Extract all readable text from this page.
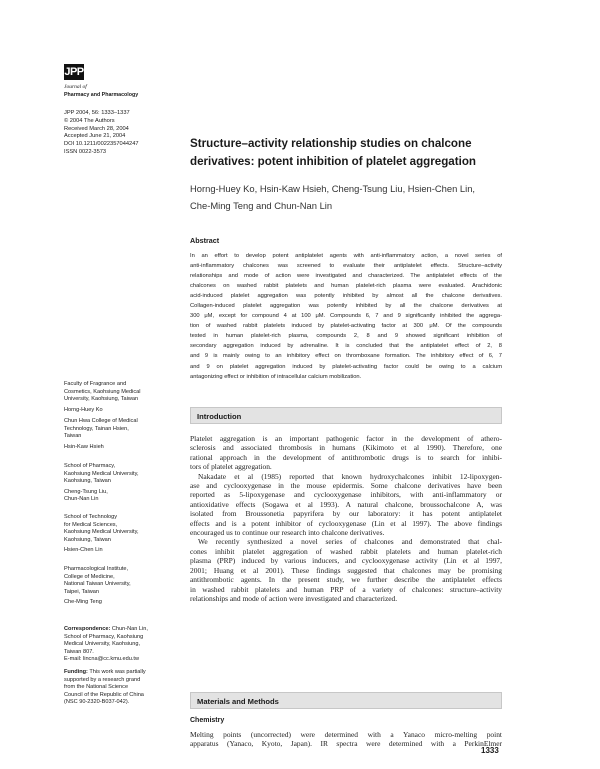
JPP
Journal of
Pharmacy and Pharmacology
JPP 2004, 56: 1333–1337
© 2004 The Authors
Received March 28, 2004
Accepted June 21, 2004
DOI 10.1211/0022357044247
ISSN 0022-3573
Structure–activity relationship studies on chalcone
derivatives: potent inhibition of platelet aggregation
Horng-Huey Ko, Hsin-Kaw Hsieh, Cheng-Tsung Liu, Hsien-Chen Lin,
Che-Ming Teng and Chun-Nan Lin
Abstract
In an effort to develop potent antiplatelet agents with anti-inflammatory action, a novel series of
anti-inflammatory chalcones was screened to evaluate their antiplatelet effects. Structure–activity
relationships and mode of action were investigated and characterized. The antiplatelet effects of the
chalcones on washed rabbit platelets and human platelet-rich plasma were evaluated. Arachidonic
acid-induced platelet aggregation was potently inhibited by almost all the chalcone derivatives.
Collagen-induced platelet aggregation was potently inhibited by all the chalcone derivatives at
300 μM, except for compound 4 at 100 μM. Compounds 6, 7 and 9 significantly inhibited the aggrega-
tion of washed rabbit platelets induced by platelet-activating factor at 300 μM. Of the compounds
tested in human platelet-rich plasma, compounds 2, 8 and 9 showed significant inhibition of
secondary aggregation induced by adrenaline. It is concluded that the antiplatelet effect of 2, 8
and 9 is mainly owing to an inhibitory effect on thromboxane formation. The inhibitory effect of 6, 7
and 9 on platelet aggregation induced by platelet-activating factor could be owing to a calcium
antagonizing effect or inhibition of intracellular calcium mobilization.
Faculty of Fragrance and
Cosmetics, Kaohsiung Medical
University, Kaohsiung, Taiwan
Horng-Huey Ko
Chun Hwa College of Medical
Technology, Tainan Hsien,
Taiwan
Hsin-Kaw Hsieh
School of Pharmacy,
Kaohsiung Medical University,
Kaohsiung, Taiwan
Cheng-Tsung Liu,
Chun-Nan Lin
School of Technology
for Medical Sciences,
Kaohsiung Medical University,
Kaohsiung, Taiwan
Hsien-Chen Lin
Pharmacological Institute,
College of Medicine,
National Taiwan University,
Taipei, Taiwan
Che-Ming Teng
Correspondence: Chun-Nan Lin,
School of Pharmacy, Kaohsiung
Medical University, Kaohsiung,
Taiwan 807.
E-mail: lincna@cc.kmu.edu.tw
Funding: This work was partially
supported by a research grand
from the National Science
Council of the Republic of China
(NSC 90-2320-B037-042).
Introduction
Platelet aggregation is an important pathogenic factor in the development of athero-
sclerosis and associated thrombosis in humans (Kikimoto et al 1990). Therefore, one
rational approach in the development of antithrombotic drugs is to search for inhibi-
tors of platelet aggregation.
Nakadate et al (1985) reported that known hydroxychalcones inhibit 12-lipoxygen-
ase and cyclooxygenase in the mouse epidermis. Some chalcone derivatives have been
reported as 5-lipoxygenase and cyclooxygenase inhibitors, with anti-inflammatory or
antioxidative effects (Sogawa et al 1993). A natural chalcone, broussochalcone A, was
isolated from Broussonetia papyrifera by our laboratory: it has potent antiplatelet
effects and is a potent inhibitor of cyclooxygenase (Lin et al 1997). The above findings
encouraged us to continue our research into chalcone derivatives.
We recently synthesized a novel series of chalcones and demonstrated that chal-
cones inhibit platelet aggregation of washed rabbit platelets and human platelet-rich
plasma (PRP) induced by various inducers, and cyclooxygenase activity (Lin et al 1997,
2001; Huang et al 2001). These findings suggested that chalcones may be promising
antithrombotic agents. In the present study, we further describe the antiplatelet effects
in washed rabbit platelets and human PRP of a variety of chalcones: structure–activity
relationships and mode of action were investigated and characterized.
Materials and Methods
Chemistry
Melting points (uncorrected) were determined with a Yanaco micro-melting point
apparatus (Yanaco, Kyoto, Japan). IR spectra were determined with a PerkinElmer
1333
